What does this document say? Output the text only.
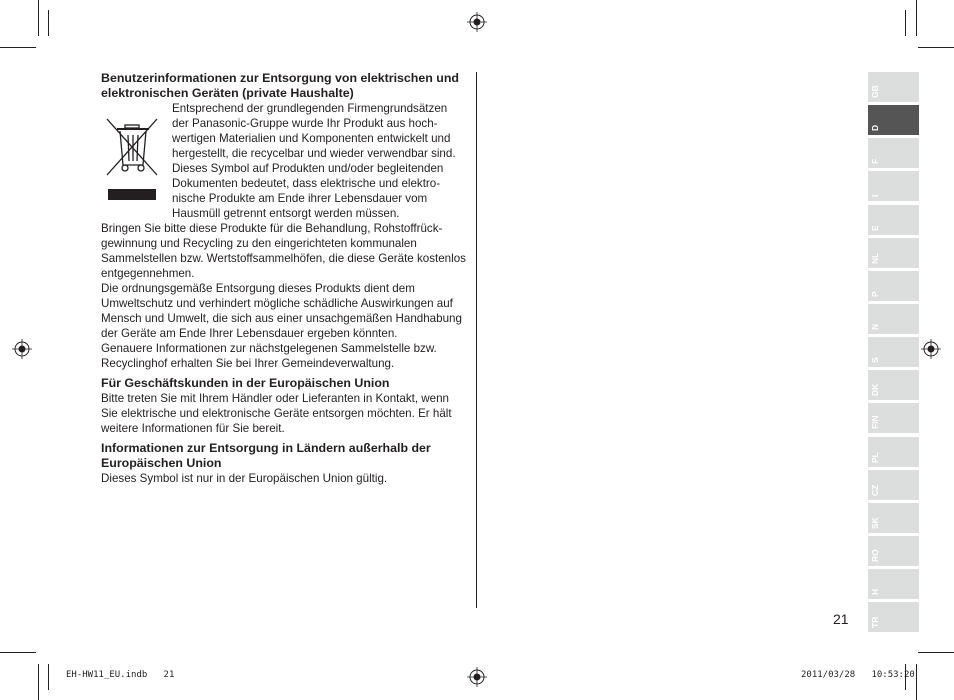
Benutzerinformationen zur Entsorgung von elektrischen und elektronischen Geräten (private Haushalte)

Entsprechend der grundlegenden Firmengrundsätzen der Panasonic-Gruppe wurde Ihr Produkt aus hoch-wertigen Materialien und Komponenten entwickelt und hergestellt, die recycelbar und wieder verwendbar sind. Dieses Symbol auf Produkten und/oder begleitenden Dokumenten bedeutet, dass elektrische und elektro-nische Produkte am Ende ihrer Lebensdauer vom Hausmüll getrennt entsorgt werden müssen.

Bringen Sie bitte diese Produkte für die Behandlung, Rohstoffrück-gewinnung und Recycling zu den eingerichteten kommunalen Sammelstellen bzw. Wertstoffsammelhöfen, die diese Geräte kostenlos entgegennehmen.

Die ordnungsgemäße Entsorgung dieses Produkts dient dem Umweltschutz und verhindert mögliche schädliche Auswirkungen auf Mensch und Umwelt, die sich aus einer unsachgemäßen Handhabung der Geräte am Ende Ihrer Lebensdauer ergeben könnten.

Genauere Informationen zur nächstgelegenen Sammelstelle bzw. Recyclinghof erhalten Sie bei Ihrer Gemeindeverwaltung.

Für Geschäftskunden in der Europäischen Union

Bitte treten Sie mit Ihrem Händler oder Lieferanten in Kontakt, wenn Sie elektrische und elektronische Geräte entsorgen möchten. Er hält weitere Informationen für Sie bereit.

Informationen zur Entsorgung in Ländern außerhalb der Europäischen Union

Dieses Symbol ist nur in der Europäischen Union gültig.

GB
D
F
I
E
NL
P
N
S
DK
FIN
PL
CZ
SK
RO
H
TR
21
EH-HW11_EU.indb   21	2011/03/28   10:53:20
